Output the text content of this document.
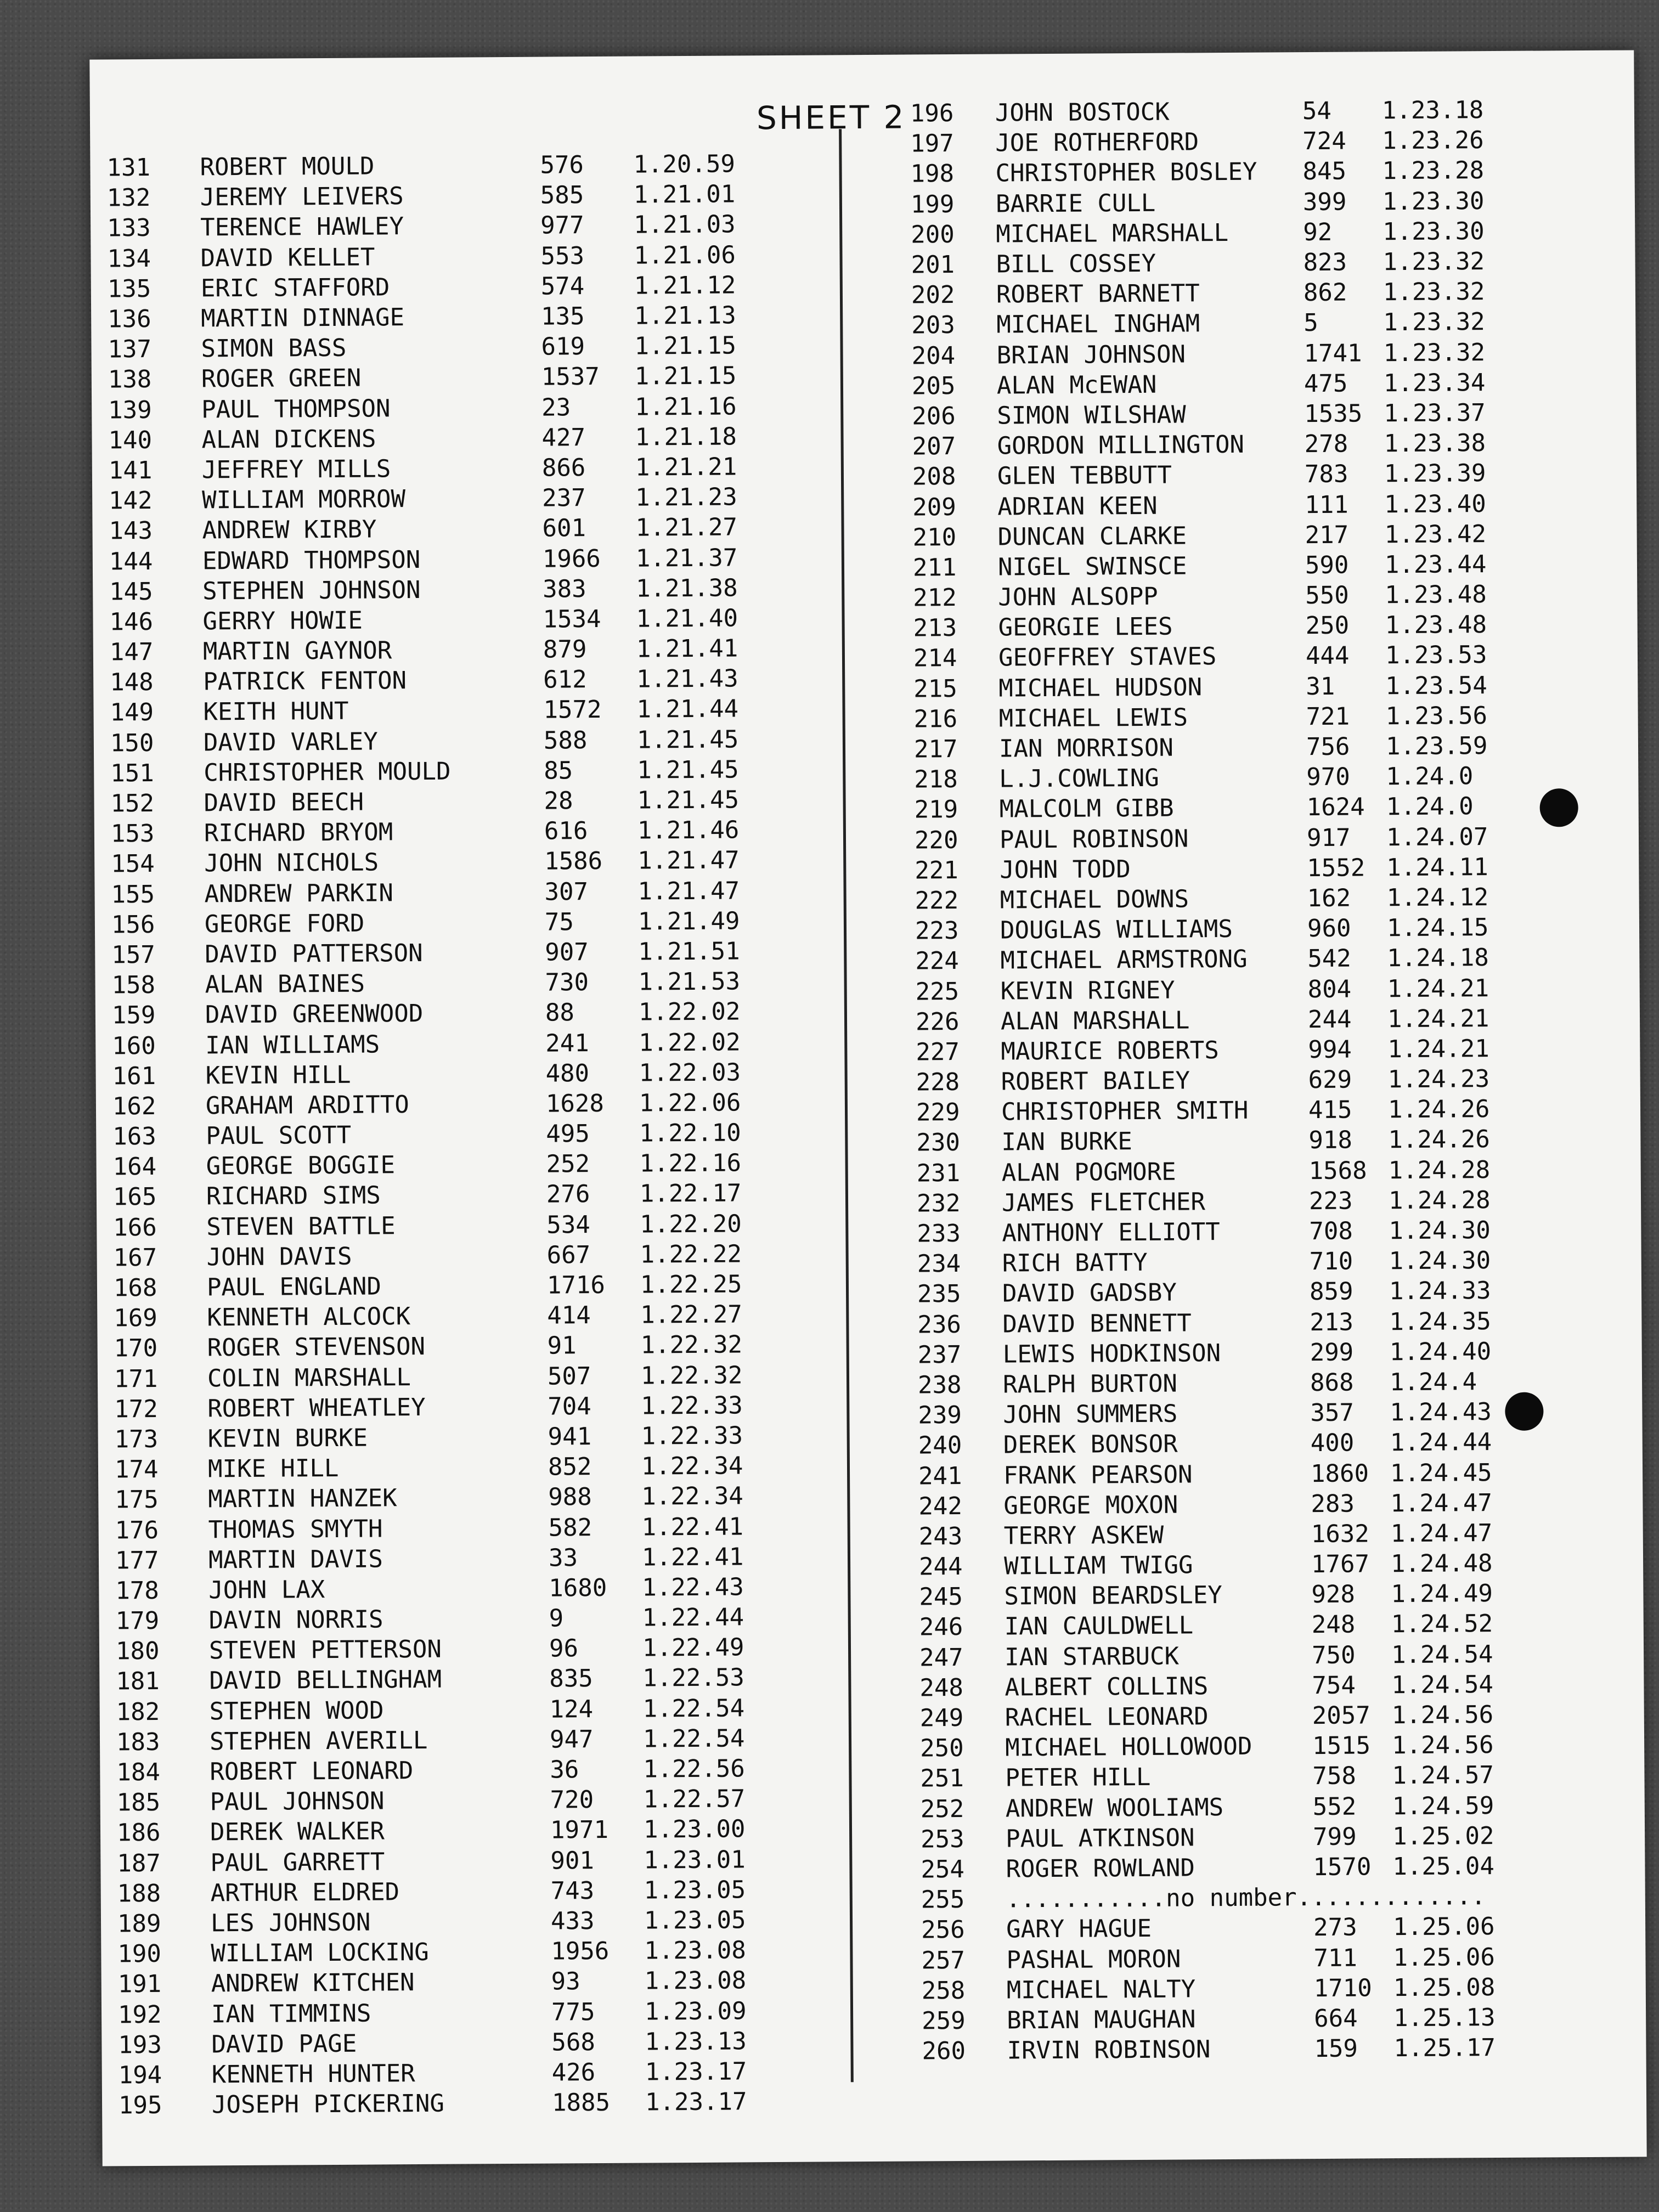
SHEET 2
131	ROBERT MOULD	576	1.20.59
132	JEREMY LEIVERS	585	1.21.01
133	TERENCE HAWLEY	977	1.21.03
134	DAVID KELLET	553	1.21.06
135	ERIC STAFFORD	574	1.21.12
136	MARTIN DINNAGE	135	1.21.13
137	SIMON BASS	619	1.21.15
138	ROGER GREEN	1537	1.21.15
139	PAUL THOMPSON	23	1.21.16
140	ALAN DICKENS	427	1.21.18
141	JEFFREY MILLS	866	1.21.21
142	WILLIAM MORROW	237	1.21.23
143	ANDREW KIRBY	601	1.21.27
144	EDWARD THOMPSON	1966	1.21.37
145	STEPHEN JOHNSON	383	1.21.38
146	GERRY HOWIE	1534	1.21.40
147	MARTIN GAYNOR	879	1.21.41
148	PATRICK FENTON	612	1.21.43
149	KEITH HUNT	1572	1.21.44
150	DAVID VARLEY	588	1.21.45
151	CHRISTOPHER MOULD	85	1.21.45
152	DAVID BEECH	28	1.21.45
153	RICHARD BRYOM	616	1.21.46
154	JOHN NICHOLS	1586	1.21.47
155	ANDREW PARKIN	307	1.21.47
156	GEORGE FORD	75	1.21.49
157	DAVID PATTERSON	907	1.21.51
158	ALAN BAINES	730	1.21.53
159	DAVID GREENWOOD	88	1.22.02
160	IAN WILLIAMS	241	1.22.02
161	KEVIN HILL	480	1.22.03
162	GRAHAM ARDITTO	1628	1.22.06
163	PAUL SCOTT	495	1.22.10
164	GEORGE BOGGIE	252	1.22.16
165	RICHARD SIMS	276	1.22.17
166	STEVEN BATTLE	534	1.22.20
167	JOHN DAVIS	667	1.22.22
168	PAUL ENGLAND	1716	1.22.25
169	KENNETH ALCOCK	414	1.22.27
170	ROGER STEVENSON	91	1.22.32
171	COLIN MARSHALL	507	1.22.32
172	ROBERT WHEATLEY	704	1.22.33
173	KEVIN BURKE	941	1.22.33
174	MIKE HILL	852	1.22.34
175	MARTIN HANZEK	988	1.22.34
176	THOMAS SMYTH	582	1.22.41
177	MARTIN DAVIS	33	1.22.41
178	JOHN LAX	1680	1.22.43
179	DAVIN NORRIS	9	1.22.44
180	STEVEN PETTERSON	96	1.22.49
181	DAVID BELLINGHAM	835	1.22.53
182	STEPHEN WOOD	124	1.22.54
183	STEPHEN AVERILL	947	1.22.54
184	ROBERT LEONARD	36	1.22.56
185	PAUL JOHNSON	720	1.22.57
186	DEREK WALKER	1971	1.23.00
187	PAUL GARRETT	901	1.23.01
188	ARTHUR ELDRED	743	1.23.05
189	LES JOHNSON	433	1.23.05
190	WILLIAM LOCKING	1956	1.23.08
191	ANDREW KITCHEN	93	1.23.08
192	IAN TIMMINS	775	1.23.09
193	DAVID PAGE	568	1.23.13
194	KENNETH HUNTER	426	1.23.17
195	JOSEPH PICKERING	1885	1.23.17
196	JOHN BOSTOCK	54	1.23.18
197	JOE ROTHERFORD	724	1.23.26
198	CHRISTOPHER BOSLEY	845	1.23.28
199	BARRIE CULL	399	1.23.30
200	MICHAEL MARSHALL	92	1.23.30
201	BILL COSSEY	823	1.23.32
202	ROBERT BARNETT	862	1.23.32
203	MICHAEL INGHAM	5	1.23.32
204	BRIAN JOHNSON	1741 1.23.32
205	ALAN McEWAN	475	1.23.34
206	SIMON WILSHAW	1535 1.23.37
207	GORDON MILLINGTON	278	1.23.38
208	GLEN TEBBUTT	783	1.23.39
209	ADRIAN KEEN	111	1.23.40
210	DUNCAN CLARKE	217	1.23.42
211	NIGEL SWINSCE	590	1.23.44
212	JOHN ALSOPP	550	1.23.48
213	GEORGIE LEES	250	1.23.48
214	GEOFFREY STAVES	444	1.23.53
215	MICHAEL HUDSON	31	1.23.54
216	MICHAEL LEWIS	721	1.23.56
217	IAN MORRISON	756	1.23.59
218	L.J.COWLING	970	1.24.0
219	MALCOLM GIBB	1624 1.24.0
220	PAUL ROBINSON	917	1.24.07
221	JOHN TODD	1552 1.24.11
222	MICHAEL DOWNS	162	1.24.12
223	DOUGLAS WILLIAMS	960	1.24.15
224	MICHAEL ARMSTRONG	542	1.24.18
225	KEVIN RIGNEY	804	1.24.21
226	ALAN MARSHALL	244	1.24.21
227	MAURICE ROBERTS	994	1.24.21
228	ROBERT BAILEY	629	1.24.23
229	CHRISTOPHER SMITH	415	1.24.26
230	IAN BURKE	918	1.24.26
231	ALAN POGMORE	1568 1.24.28
232	JAMES FLETCHER	223	1.24.28
233	ANTHONY ELLIOTT	708	1.24.30
234	RICH BATTY	710	1.24.30
235	DAVID GADSBY	859	1.24.33
236	DAVID BENNETT	213	1.24.35
237	LEWIS HODKINSON	299	1.24.40
238	RALPH BURTON	868	1.24.4
239	JOHN SUMMERS	357	1.24.43
240	DEREK BONSOR	400	1.24.44
241	FRANK PEARSON	1860 1.24.45
242	GEORGE MOXON	283	1.24.47
243	TERRY ASKEW	1632 1.24.47
244	WILLIAM TWIGG	1767 1.24.48
245	SIMON BEARDSLEY	928	1.24.49
246	IAN CAULDWELL	248	1.24.52
247	IAN STARBUCK	750	1.24.54
248	ALBERT COLLINS	754	1.24.54
249	RACHEL LEONARD	2057 1.24.56
250	MICHAEL HOLLOWOOD	1515 1.24.56
251	PETER HILL	758	1.24.57
252	ANDREW WOOLIAMS	552	1.24.59
253	PAUL ATKINSON	799	1.25.02
254	ROGER ROWLAND	1570 1.25.04
255	...........no number.............
256	GARY HAGUE	273	1.25.06
257	PASHAL MORON	711	1.25.06
258	MICHAEL NALTY	1710 1.25.08
259	BRIAN MAUGHAN	664	1.25.13
260	IRVIN ROBINSON	159	1.25.17
